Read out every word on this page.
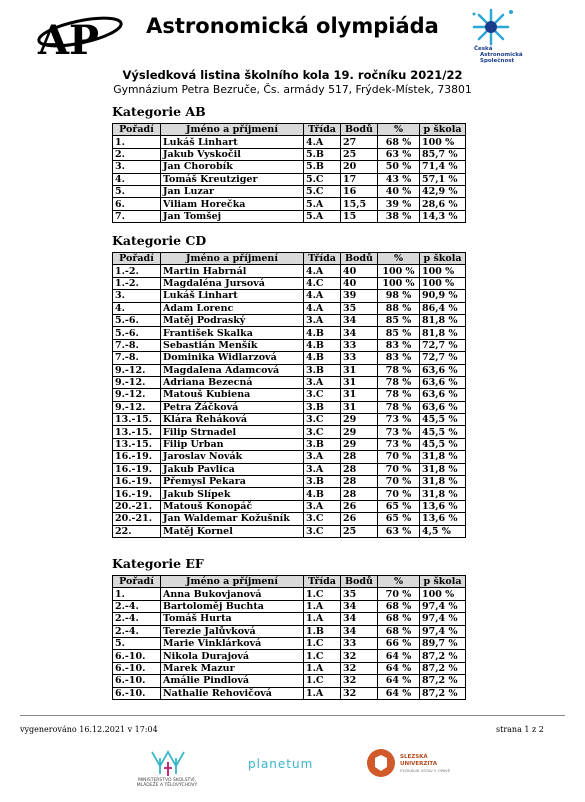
AP	Astronomická olympiáda
Česká
Astronomická
Společnost
Výsledková listina školního kola 19. ročníku 2021/22
Gymnázium Petra Bezruče, Čs. armády 517, Frýdek-Místek, 73801
Kategorie AB
Pořadí	Jméno a příjmení	Třída	Bodů	%	p škola
1.	Lukáš Linhart	4.A	27	68 %	100 %
2.	Jakub Vyskočil	5.B	25	63 %	85,7 %
3.	Jan Chorobík	5.B	20	50 %	71,4 %
4.	Tomáš Kreutziger	5.C	17	43 %	57,1 %
5.	Jan Luzar	5.C	16	40 %	42,9 %
6.	Viliam Horečka	5.A	15,5	39 %	28,6 %
7.	Jan Tomšej	5.A	15	38 %	14,3 %
Kategorie CD
Pořadí	Jméno a příjmení	Třída	Bodů	%	p škola
1.-2.	Martin Habrnál	4.A	40	100 %	100 %
1.-2.	Magdaléna Jursová	4.C	40	100 %	100 %
3.	Lukáš Linhart	4.A	39	98 %	90,9 %
4.	Adam Lorenc	4.A	35	88 %	86,4 %
5.-6.	Matěj Podraský	3.A	34	85 %	81,8 %
5.-6.	František Skalka	4.B	34	85 %	81,8 %
7.-8.	Sebastián Menšík	4.B	33	83 %	72,7 %
7.-8.	Dominika Widlarzová	4.B	33	83 %	72,7 %
9.-12.	Magdalena Adamcová	3.B	31	78 %	63,6 %
9.-12.	Adriana Bezecná	3.A	31	78 %	63,6 %
9.-12.	Matouš Kubiena	3.C	31	78 %	63,6 %
9.-12.	Petra Žáčková	3.B	31	78 %	63,6 %
13.-15.	Klára Řeháková	3.C	29	73 %	45,5 %
13.-15.	Filip Strnadel	3.C	29	73 %	45,5 %
13.-15.	Filip Urban	3.B	29	73 %	45,5 %
16.-19.	Jaroslav Novák	3.A	28	70 %	31,8 %
16.-19.	Jakub Pavlica	3.A	28	70 %	31,8 %
16.-19.	Přemysl Pekara	3.B	28	70 %	31,8 %
16.-19.	Jakub Slípek	4.B	28	70 %	31,8 %
20.-21.	Matouš Konopáč	3.A	26	65 %	13,6 %
20.-21.	Jan Waldemar Kožušník	3.C	26	65 %	13,6 %
22.	Matěj Kornel	3.C	25	63 %	4,5 %
Kategorie EF
Pořadí	Jméno a příjmení	Třída	Bodů	%	p škola
1.	Anna Bukovjanová	1.C	35	70 %	100 %
2.-4.	Bartoloměj Buchta	1.A	34	68 %	97,4 %
2.-4.	Tomáš Hurta	1.A	34	68 %	97,4 %
2.-4.	Terezie Jalůvková	1.B	34	68 %	97,4 %
5.	Marie Vinklárková	1.C	33	66 %	89,7 %
6.-10.	Nikola Durajová	1.C	32	64 %	87,2 %
6.-10.	Marek Mazur	1.A	32	64 %	87,2 %
6.-10.	Amálie Pindlová	1.C	32	64 %	87,2 %
6.-10.	Nathalie Rehovičová	1.A	32	64 %	87,2 %
vygenerováno 16.12.2021 v 17:04	strana 1 z 2
MINISTERSTVO ŠKOLSTVÍ,
MLÁDEŽE A TĚLOVÝCHOVY
planetum	SLEZSKÁ
UNIVERZITA
FYZIKÁLNÍ ÚSTAV V OPAVĚ
